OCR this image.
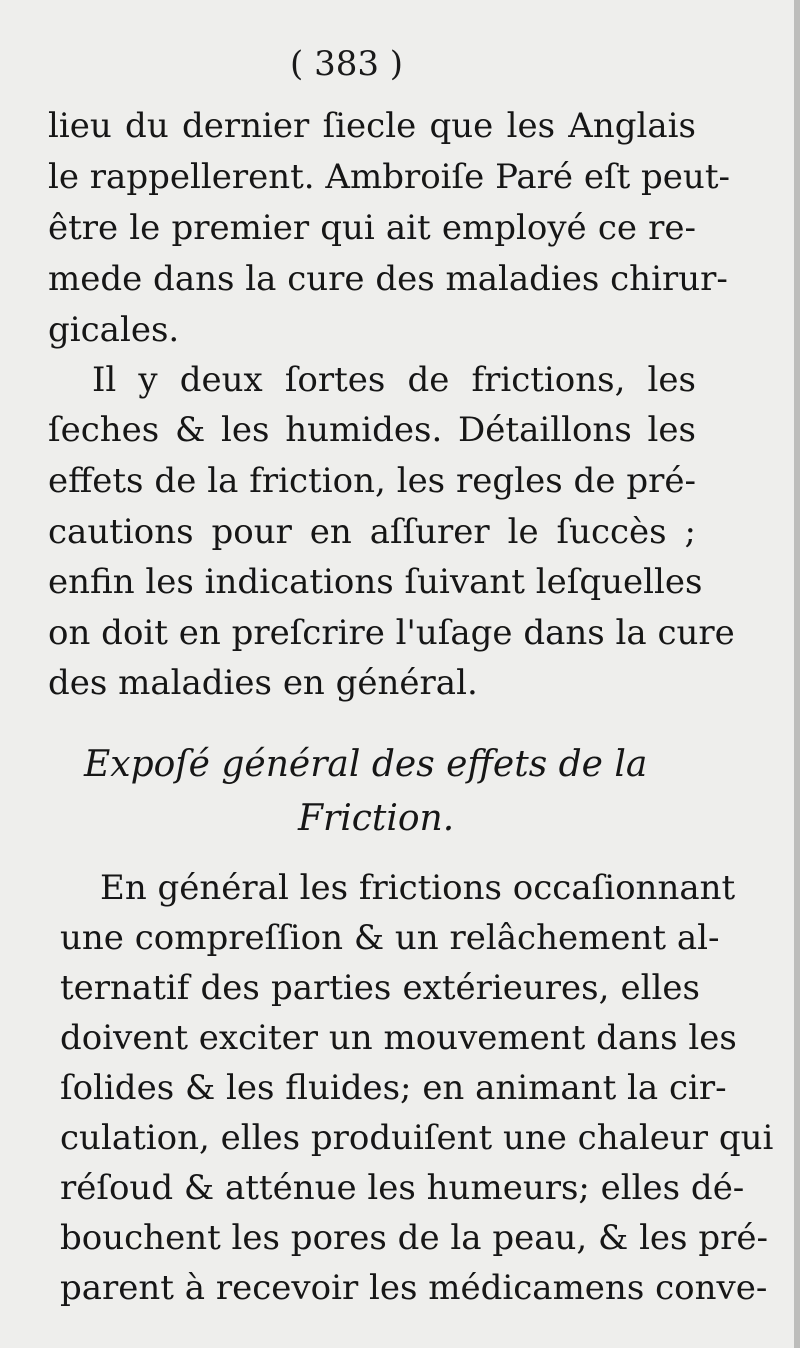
( 383 )
lieu du dernier ſiecle que les Anglais
le rappellerent. Ambroiſe Paré eſt peut-
être le premier qui ait employé ce re-
mede dans la cure des maladies chirur-
gicales.
Il y deux ſortes de frictions, les
ſeches & les humides. Détaillons les
effets de la friction, les regles de pré-
cautions pour en aſſurer le ſuccès ;
enfin les indications ſuivant leſquelles
on doit en preſcrire l'uſage dans la cure
des maladies en général.
Expoſé général des effets de la
Friction.
En général les frictions occaſionnant
une compreſſion & un relâchement al-
ternatif des parties extérieures, elles
doivent exciter un mouvement dans les
ſolides & les fluides; en animant la cir-
culation, elles produiſent une chaleur qui
réſoud & atténue les humeurs; elles dé-
bouchent les pores de la peau, & les pré-
parent à recevoir les médicamens conve-
